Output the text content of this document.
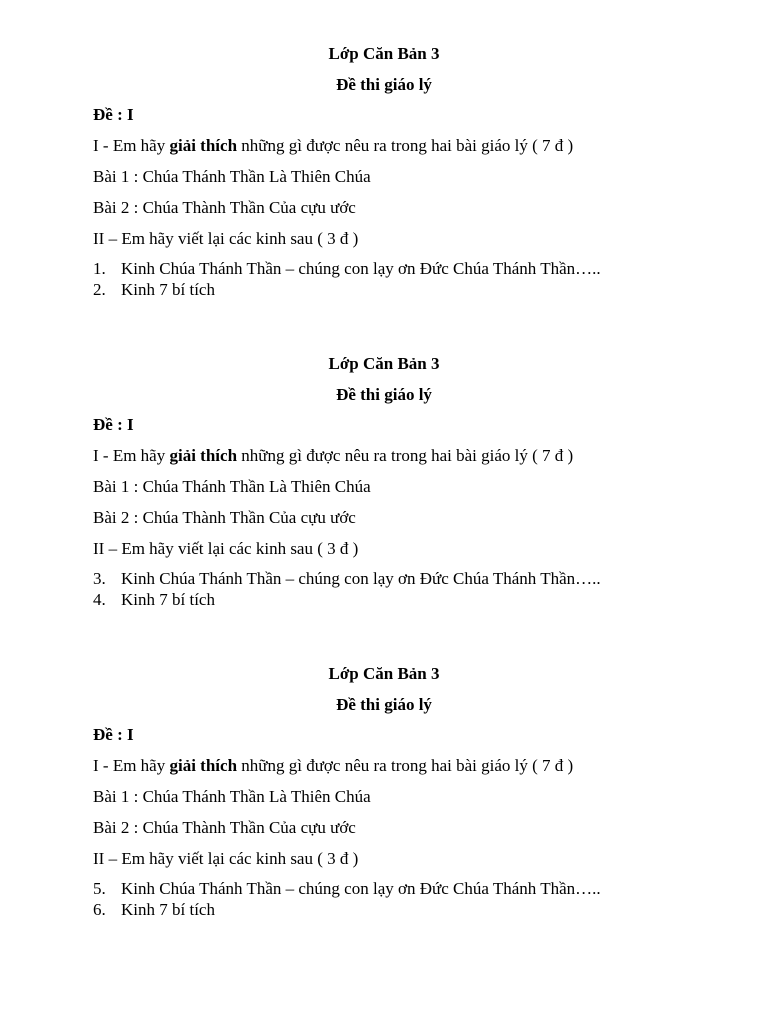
Lớp Căn Bản 3
Đề thi giáo lý
Đề : I
I - Em hãy giải thích những gì được nêu ra trong hai bài giáo lý ( 7 đ )
Bài 1 : Chúa Thánh Thần Là Thiên Chúa
Bài 2 : Chúa Thành Thần Của cựu ước
II – Em hãy viết lại các kinh sau ( 3 đ )
1. Kinh Chúa Thánh Thần – chúng con lạy ơn Đức Chúa Thánh Thần…..
2. Kinh 7 bí tích
Lớp Căn Bản 3
Đề thi giáo lý
Đề : I
I - Em hãy giải thích những gì được nêu ra trong hai bài giáo lý ( 7 đ )
Bài 1 : Chúa Thánh Thần Là Thiên Chúa
Bài 2 : Chúa Thành Thần Của cựu ước
II – Em hãy viết lại các kinh sau ( 3 đ )
3. Kinh Chúa Thánh Thần – chúng con lạy ơn Đức Chúa Thánh Thần…..
4. Kinh 7 bí tích
Lớp Căn Bản 3
Đề thi giáo lý
Đề : I
I - Em hãy giải thích những gì được nêu ra trong hai bài giáo lý ( 7 đ )
Bài 1 : Chúa Thánh Thần Là Thiên Chúa
Bài 2 : Chúa Thành Thần Của cựu ước
II – Em hãy viết lại các kinh sau ( 3 đ )
5. Kinh Chúa Thánh Thần – chúng con lạy ơn Đức Chúa Thánh Thần…..
6. Kinh 7 bí tích
